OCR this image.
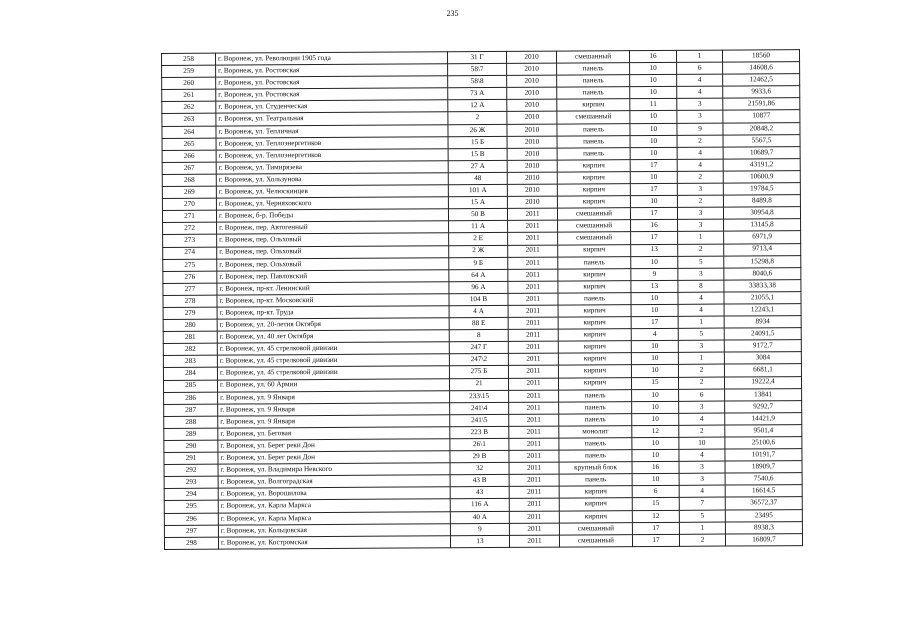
235
258	г. Воронеж, ул. Революции 1905 года	31 Г	2010	смешанный	16	1	18560
259	г. Воронеж, ул. Ростовская	58\7	2010	панель	10	6	14608,6
260	г. Воронеж, ул. Ростовская	58\8	2010	панель	10	4	12462,5
261	г. Воронеж, ул. Ростовская	73 А	2010	панель	10	4	9933,6
262	г. Воронеж, ул. Студенческая	12 А	2010	кирпич	11	3	21591,86
263	г. Воронеж, ул. Театральная	2	2010	смешанный	10	3	10877
264	г. Воронеж, ул. Тепличная	26 Ж	2010	панель	10	9	20848,2
265	г. Воронеж, ул. Теплоэнергетиков	15 Б	2010	панель	10	2	5567,5
266	г. Воронеж, ул. Теплоэнергетиков	15 В	2010	панель	10	4	10689,7
267	г. Воронеж, ул. Тимирязева	27 А	2010	кирпич	17	4	43191,2
268	г. Воронеж, ул. Хользунова	48	2010	кирпич	10	2	10600,9
269	г. Воронеж, ул. Челюскинцев	101 А	2010	кирпич	17	3	19784,5
270	г. Воронеж, ул. Черняховского	15 А	2010	кирпич	10	2	8489,8
271	г. Воронеж, б-р. Победы	50 В	2011	смешанный	17	3	30954,8
272	г. Воронеж, пер. Автогенный	11 А	2011	смешанный	16	3	13145,8
273	г. Воронеж, пер. Ольховый	2 Е	2011	смешанный	17	1	6971,9
274	г. Воронеж, пер. Ольховый	2 Ж	2011	кирпич	13	2	9713,4
275	г. Воронеж, пер. Ольховый	9 Б	2011	панель	10	5	15298,8
276	г. Воронеж, пер. Павловский	64 А	2011	кирпич	9	3	8040,6
277	г. Воронеж, пр-кт. Ленинский	96 А	2011	кирпич	13	8	33833,38
278	г. Воронеж, пр-кт. Московский	104 В	2011	панель	10	4	21055,1
279	г. Воронеж, пр-кт. Труда	4 А	2011	кирпич	10	4	12243,1
280	г. Воронеж, ул. 20-летия Октября	88 Е	2011	кирпич	17	1	8934
281	г. Воронеж, ул. 40 лет Октября	8	2011	кирпич	4	5	24091,5
282	г. Воронеж, ул. 45 стрелковой дивизии	247 Г	2011	кирпич	10	3	9172,7
283	г. Воронеж, ул. 45 стрелковой дивизии	247\2	2011	кирпич	10	1	3084
284	г. Воронеж, ул. 45 стрелковой дивизии	275 Б	2011	кирпич	10	2	6681,1
285	г. Воронеж, ул. 60 Армии	21	2011	кирпич	15	2	19222,4
286	г. Воронеж, ул. 9 Января	233\15	2011	панель	10	6	13841
287	г. Воронеж, ул. 9 Января	241\4	2011	панель	10	3	9292,7
288	г. Воронеж, ул. 9 Января	241\5	2011	панель	10	4	14421,9
289	г. Воронеж, ул. Беговая	223 В	2011	монолит	12	2	9501,4
290	г. Воронеж, ул. Берег реки Дон	26\1	2011	панель	10	10	25100,6
291	г. Воронеж, ул. Берег реки Дон	29 В	2011	панель	10	4	10191,7
292	г. Воронеж, ул. Владимира Невского	32	2011	крупный блок	16	3	18909,7
293	г. Воронеж, ул. Волгоградская	43 В	2011	панель	10	3	7540,6
294	г. Воронеж, ул. Ворошилова	43	2011	кирпич	6	4	16614,5
295	г. Воронеж, ул. Карла Маркса	116 А	2011	кирпич	15	7	36572,37
296	г. Воронеж, ул. Карла Маркса	40 А	2011	кирпич	12	5	23495
297	г. Воронеж, ул. Кольцовская	9	2011	смешанный	17	1	8938,3
298	г. Воронеж, ул. Костромская	13	2011	смешанный	17	2	16809,7
